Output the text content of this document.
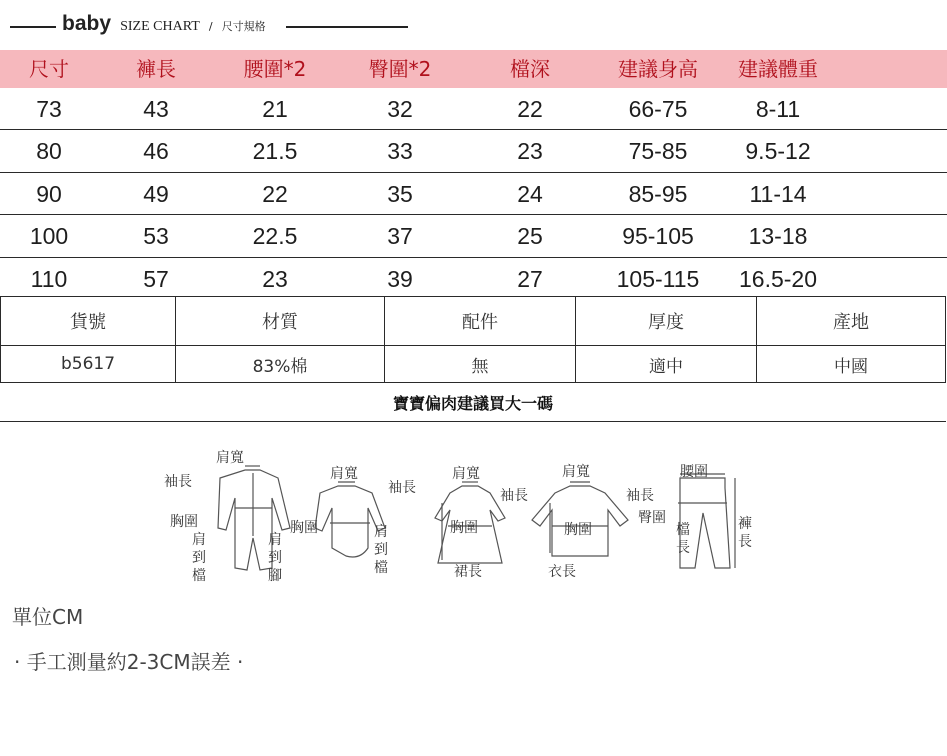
baby SIZE CHART / 尺寸規格
尺寸	褲長	腰圍*2	臀圍*2	檔深	建議身高	建議體重
73	43	21	32	22	66-75	8-11
80	46	21.5	33	23	75-85	9.5-12
90	49	22	35	24	85-95	11-14
100	53	22.5	37	25	95-105	13-18
110	57	23	39	27	105-115	16.5-20
貨號	材質	配件	厚度	產地
b5617	83%棉	無	適中	中國
寶寶偏肉建議買大一碼
肩寬
袖長
胸圍
肩
到
檔
肩
到
腳
肩寬
袖長
胸圍	肩
到
檔
肩寬
袖長
胸圍
裙長
肩寬
袖長
胸圍
衣長
腰圍
臀圍
檔
長
褲
長
單位CM
· 手工測量約2-3CM誤差 ·
